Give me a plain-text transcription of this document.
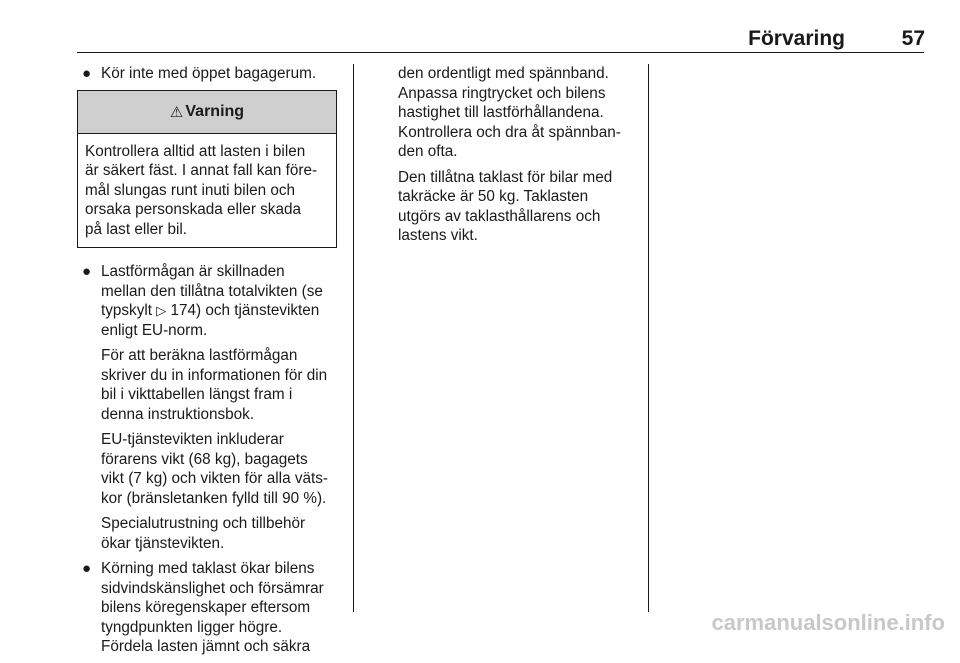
Förvaring	57
● Kör inte med öppet bagagerum.
⚠ Varning
Kontrollera alltid att lasten i bilen
är säkert fäst. I annat fall kan före-
mål slungas runt inuti bilen och
orsaka personskada eller skada
på last eller bil.
● Lastförmågan är skillnaden
mellan den tillåtna totalvikten (se
typskylt ▷ 174) och tjänstevikten
enligt EU-norm.
För att beräkna lastförmågan
skriver du in informationen för din
bil i vikttabellen längst fram i
denna instruktionsbok.
EU-tjänstevikten inkluderar
förarens vikt (68 kg), bagagets
vikt (7 kg) och vikten för alla väts-
kor (bränsletanken fylld till 90 %).
Specialutrustning och tillbehör
ökar tjänstevikten.
● Körning med taklast ökar bilens
sidvindskänslighet och försämrar
bilens köregenskaper eftersom
tyngdpunkten ligger högre.
Fördela lasten jämnt och säkra
den ordentligt med spännband.
Anpassa ringtrycket och bilens
hastighet till lastförhållandena.
Kontrollera och dra åt spännban-
den ofta.
Den tillåtna taklast för bilar med
takräcke är 50 kg. Taklasten
utgörs av taklasthållarens och
lastens vikt.
carmanualsonline.info
